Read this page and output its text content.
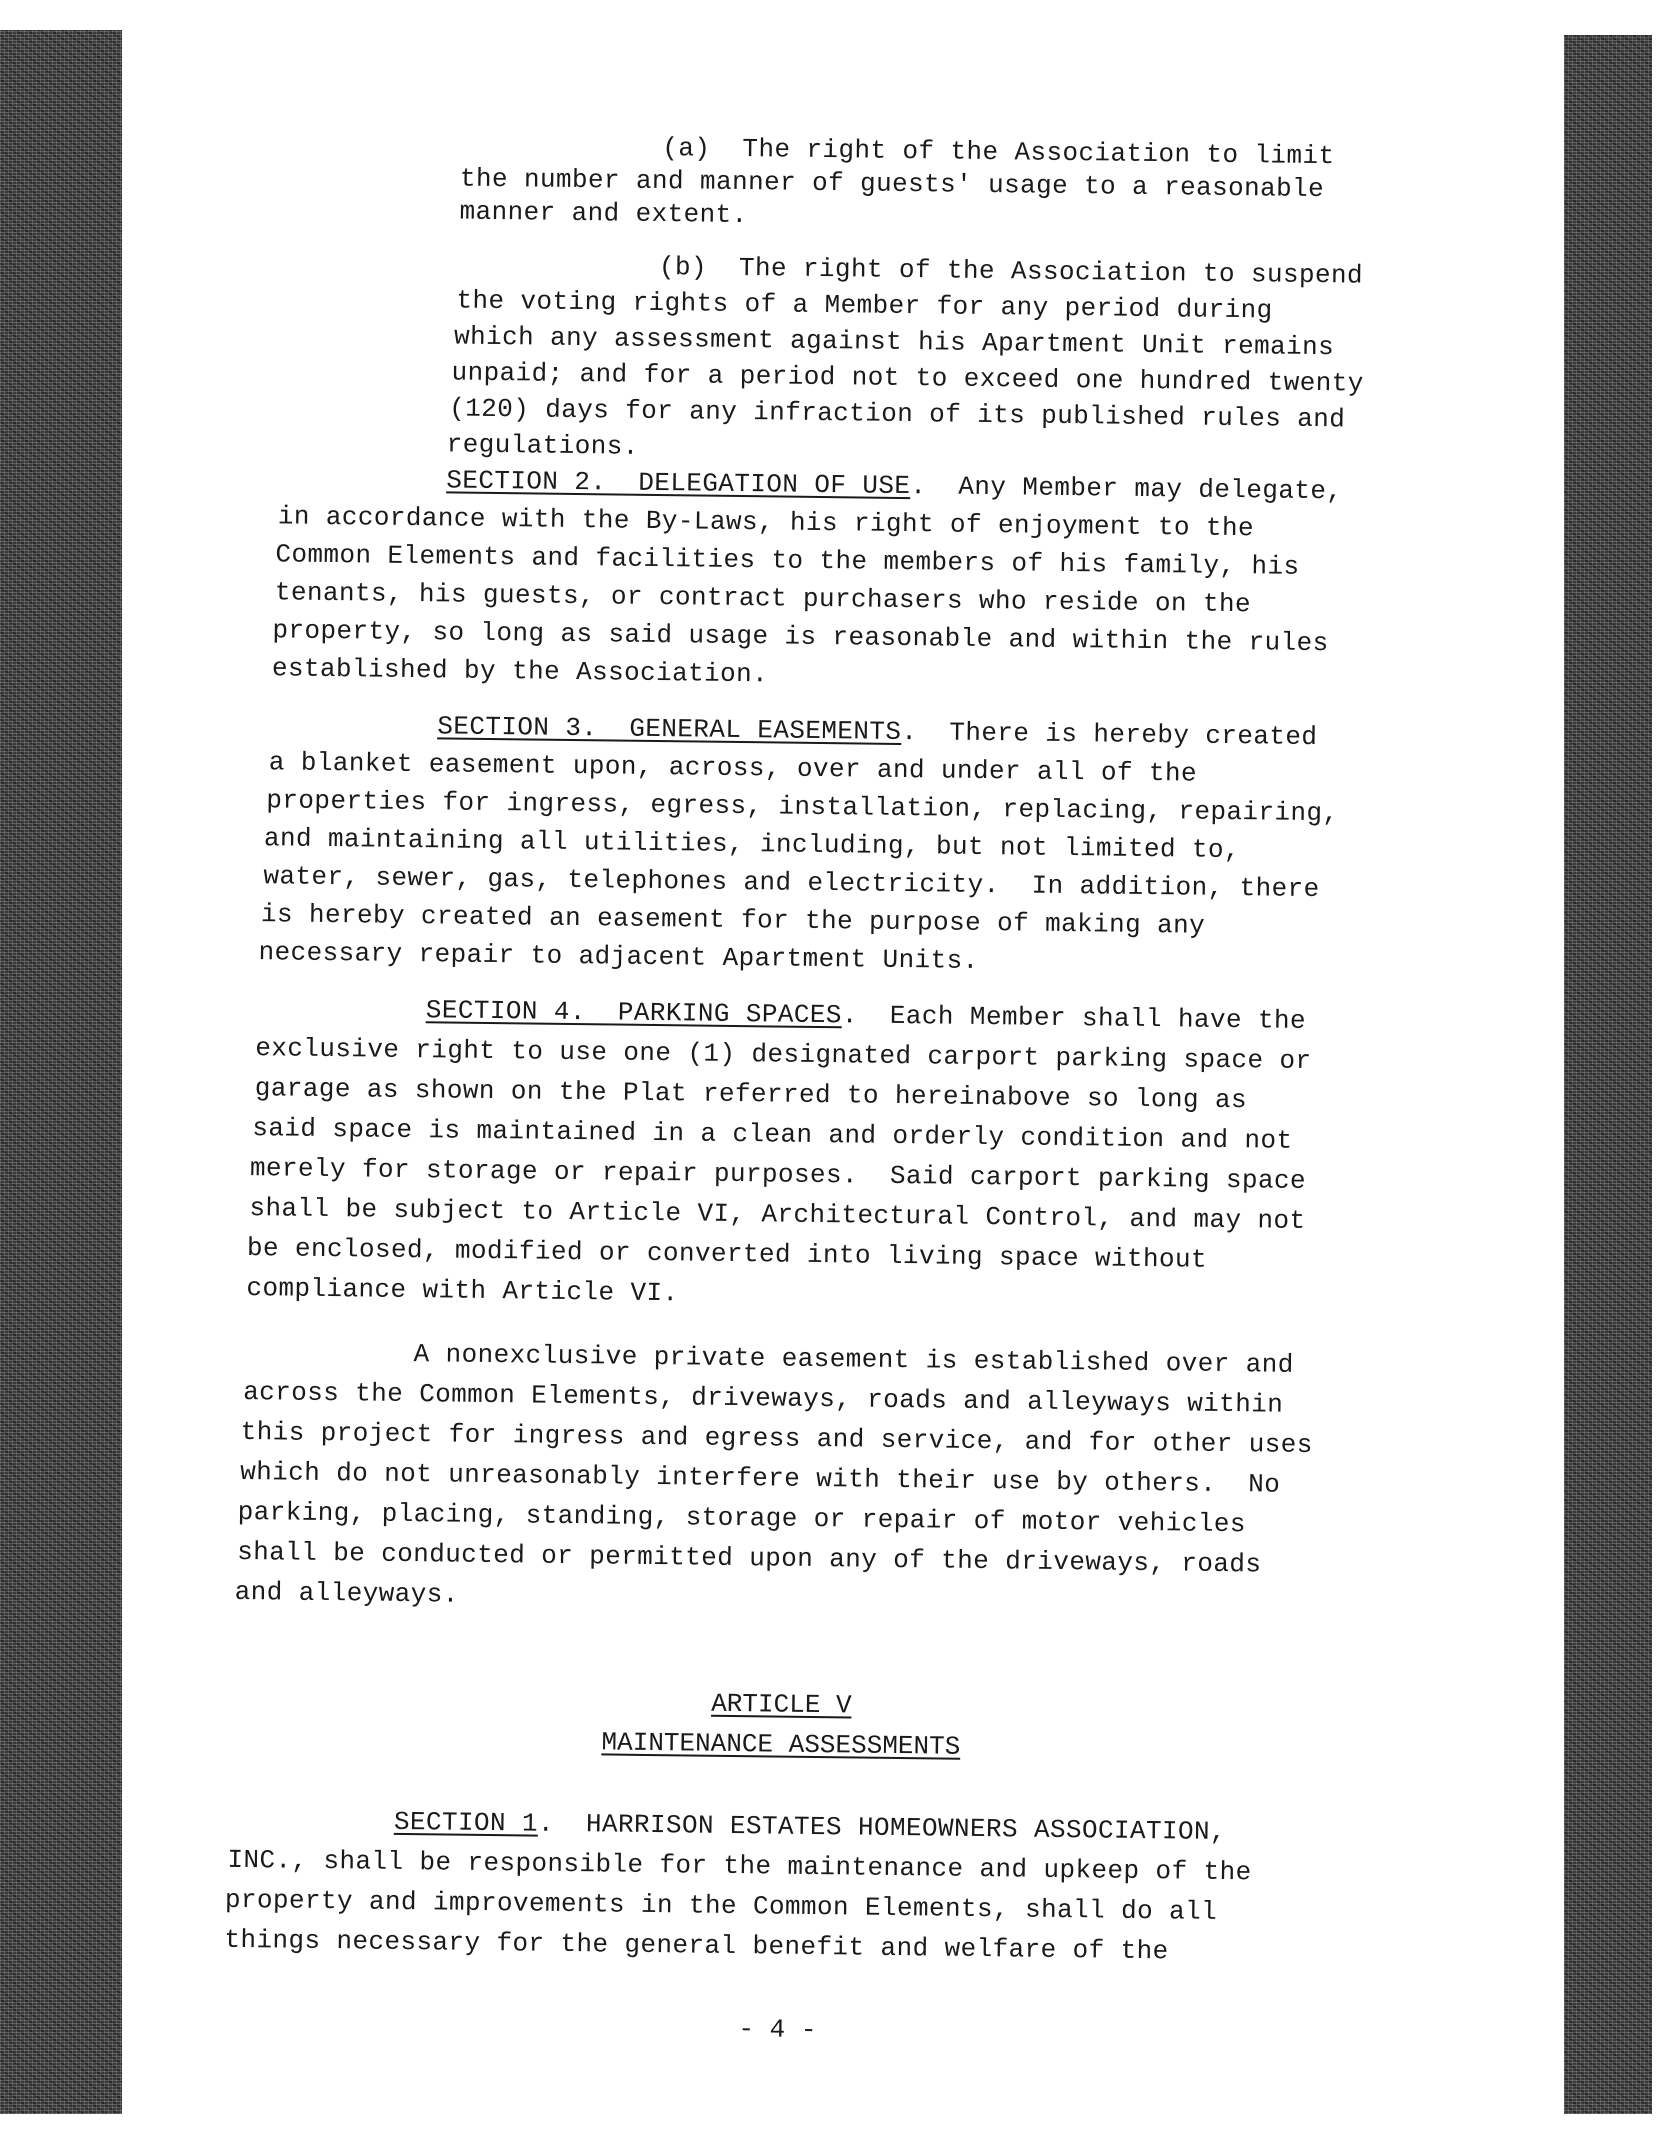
(a)  The right of the Association to limit
the number and manner of guests' usage to a reasonable
manner and extent.
(b)  The right of the Association to suspend
the voting rights of a Member for any period during
which any assessment against his Apartment Unit remains
unpaid; and for a period not to exceed one hundred twenty
(120) days for any infraction of its published rules and
regulations.
SECTION 2.  DELEGATION OF USE.  Any Member may delegate,
in accordance with the By-Laws, his right of enjoyment to the
Common Elements and facilities to the members of his family, his
tenants, his guests, or contract purchasers who reside on the
property, so long as said usage is reasonable and within the rules
established by the Association.
SECTION 3.  GENERAL EASEMENTS.  There is hereby created
a blanket easement upon, across, over and under all of the
properties for ingress, egress, installation, replacing, repairing,
and maintaining all utilities, including, but not limited to,
water, sewer, gas, telephones and electricity.  In addition, there
is hereby created an easement for the purpose of making any
necessary repair to adjacent Apartment Units.
SECTION 4.  PARKING SPACES.  Each Member shall have the
exclusive right to use one (1) designated carport parking space or
garage as shown on the Plat referred to hereinabove so long as
said space is maintained in a clean and orderly condition and not
merely for storage or repair purposes.  Said carport parking space
shall be subject to Article VI, Architectural Control, and may not
be enclosed, modified or converted into living space without
compliance with Article VI.
A nonexclusive private easement is established over and
across the Common Elements, driveways, roads and alleyways within
this project for ingress and egress and service, and for other uses
which do not unreasonably interfere with their use by others.  No
parking, placing, standing, storage or repair of motor vehicles
shall be conducted or permitted upon any of the driveways, roads
and alleyways.
ARTICLE V
MAINTENANCE ASSESSMENTS
SECTION 1.  HARRISON ESTATES HOMEOWNERS ASSOCIATION,
INC., shall be responsible for the maintenance and upkeep of the
property and improvements in the Common Elements, shall do all
things necessary for the general benefit and welfare of the
- 4 -
